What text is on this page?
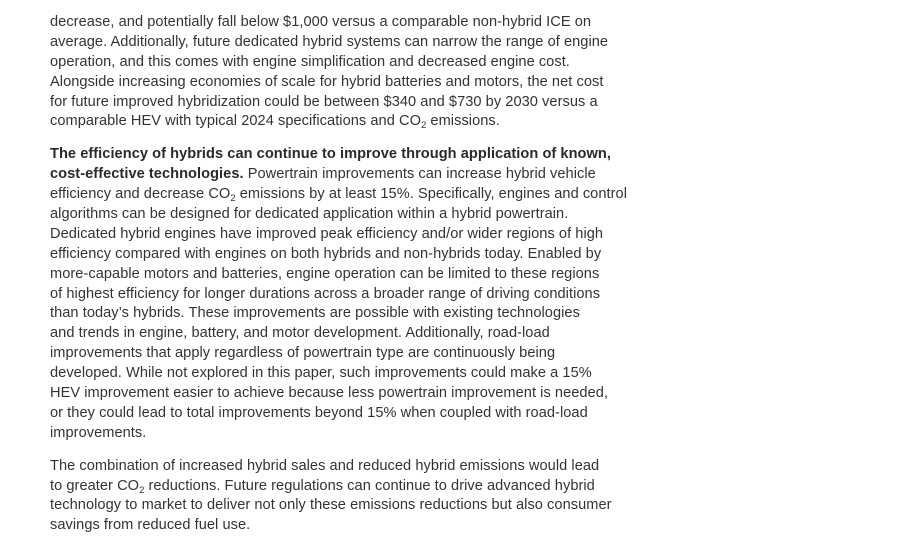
decrease, and potentially fall below $1,000 versus a comparable non-hybrid ICE on
average. Additionally, future dedicated hybrid systems can narrow the range of engine
operation, and this comes with engine simplification and decreased engine cost.
Alongside increasing economies of scale for hybrid batteries and motors, the net cost
for future improved hybridization could be between $340 and $730 by 2030 versus a
comparable HEV with typical 2024 specifications and $CO_2$ emissions.

The efficiency of hybrids can continue to improve through application of known,
cost-effective technologies. Powertrain improvements can increase hybrid vehicle
efficiency and decrease $CO_2$ emissions by at least 15%. Specifically, engines and control
algorithms can be designed for dedicated application within a hybrid powertrain.
Dedicated hybrid engines have improved peak efficiency and/or wider regions of high
efficiency compared with engines on both hybrids and non-hybrids today. Enabled by
more-capable motors and batteries, engine operation can be limited to these regions
of highest efficiency for longer durations across a broader range of driving conditions
than today’s hybrids. These improvements are possible with existing technologies
and trends in engine, battery, and motor development. Additionally, road-load
improvements that apply regardless of powertrain type are continuously being
developed. While not explored in this paper, such improvements could make a 15%
HEV improvement easier to achieve because less powertrain improvement is needed,
or they could lead to total improvements beyond 15% when coupled with road-load
improvements.

The combination of increased hybrid sales and reduced hybrid emissions would lead
to greater $CO_2$ reductions. Future regulations can continue to drive advanced hybrid
technology to market to deliver not only these emissions reductions but also consumer
savings from reduced fuel use.
